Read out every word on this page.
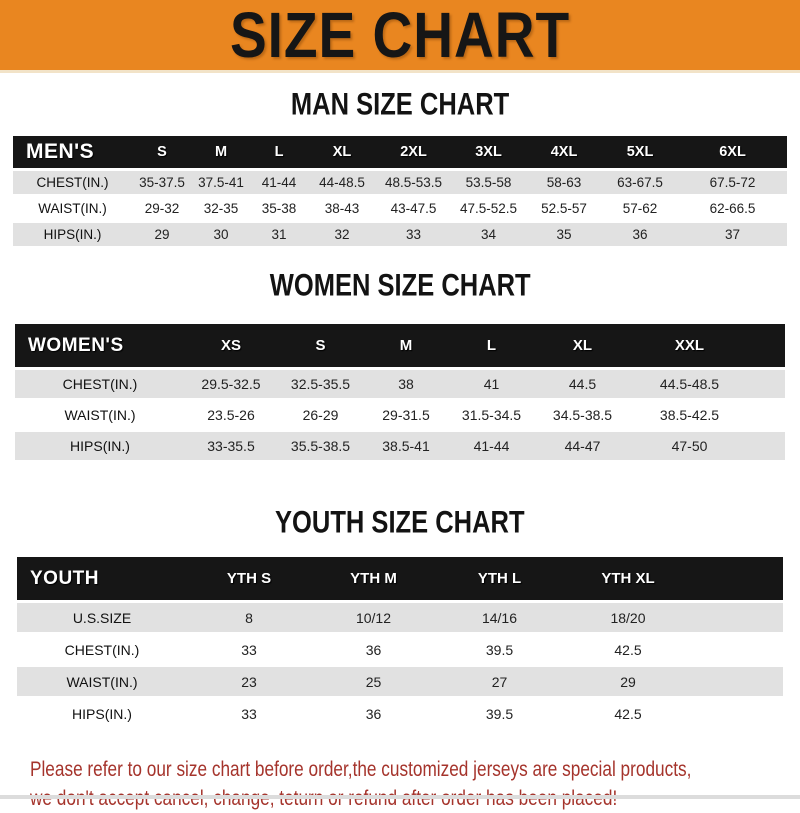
SIZE CHART
MAN SIZE CHART
MEN'S	S	M	L	XL	2XL	3XL	4XL	5XL	6XL
CHEST(IN.)	35-37.5	37.5-41	41-44	44-48.5	48.5-53.5	53.5-58	58-63	63-67.5	67.5-72
WAIST(IN.)	29-32	32-35	35-38	38-43	43-47.5	47.5-52.5	52.5-57	57-62	62-66.5
HIPS(IN.)	29	30	31	32	33	34	35	36	37
WOMEN SIZE CHART
WOMEN'S	XS	S	M	L	XL	XXL	
CHEST(IN.)	29.5-32.5	32.5-35.5	38	41	44.5	44.5-48.5	
WAIST(IN.)	23.5-26	26-29	29-31.5	31.5-34.5	34.5-38.5	38.5-42.5	
HIPS(IN.)	33-35.5	35.5-38.5	38.5-41	41-44	44-47	47-50	
YOUTH SIZE CHART
YOUTH	YTH S	YTH M	YTH L	YTH XL	
U.S.SIZE	8	10/12	14/16	18/20	
CHEST(IN.)	33	36	39.5	42.5	
WAIST(IN.)	23	25	27	29	
HIPS(IN.)	33	36	39.5	42.5	
Please refer to our size chart before order,the customized jerseys are special products,
